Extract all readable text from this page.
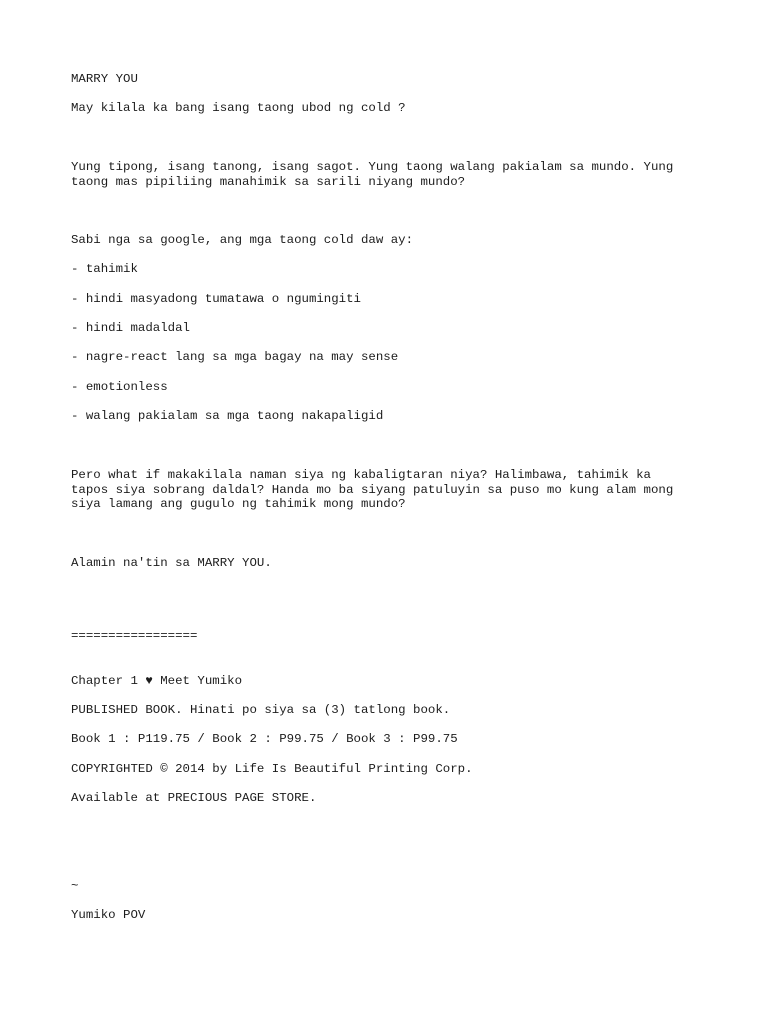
MARRY YOU

May kilala ka bang isang taong ubod ng cold ?

Yung tipong, isang tanong, isang sagot. Yung taong walang pakialam sa mundo. Yung taong mas pipiliing manahimik sa sarili niyang mundo?

Sabi nga sa google, ang mga taong cold daw ay:

- tahimik

- hindi masyadong tumatawa o ngumingiti

- hindi madaldal

- nagre-react lang sa mga bagay na may sense

- emotionless

- walang pakialam sa mga taong nakapaligid

Pero what if makakilala naman siya ng kabaligtaran niya? Halimbawa, tahimik ka tapos siya sobrang daldal? Handa mo ba siyang patuluyin sa puso mo kung alam mong siya lamang ang gugulo ng tahimik mong mundo?

Alamin na'tin sa MARRY YOU.

=================

Chapter 1 ♥ Meet Yumiko

PUBLISHED BOOK. Hinati po siya sa (3) tatlong book.

Book 1 : P119.75 / Book 2 : P99.75 / Book 3 : P99.75

COPYRIGHTED © 2014 by Life Is Beautiful Printing Corp.

Available at PRECIOUS PAGE STORE.

~

Yumiko POV
